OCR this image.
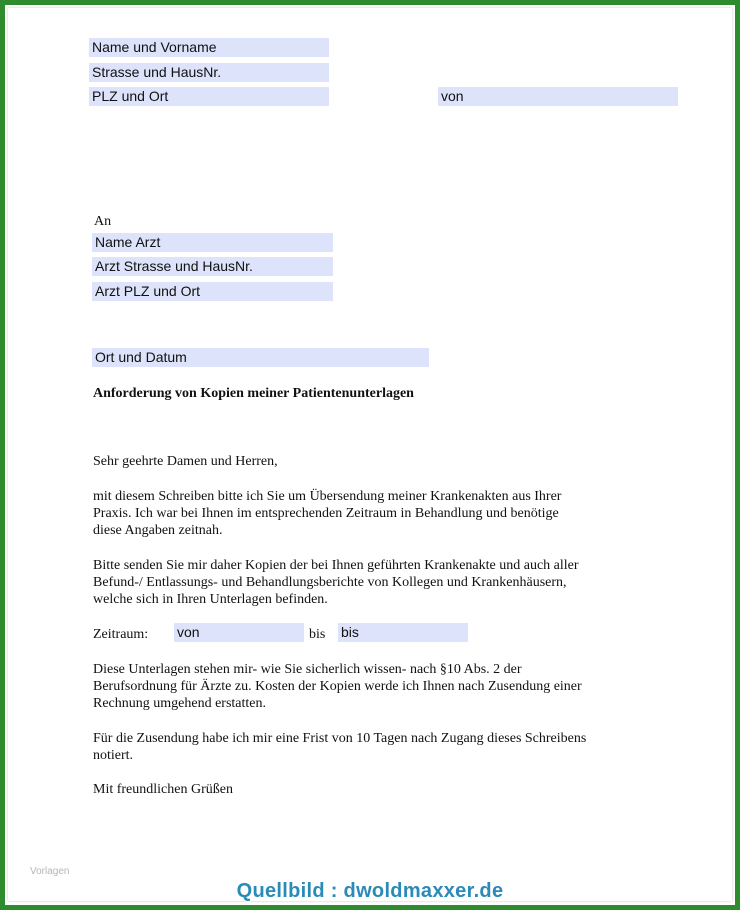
Name und Vorname
Strasse und HausNr.
PLZ und Ort	von
An
Name Arzt
Arzt Strasse und HausNr.
Arzt PLZ und Ort
Ort und Datum
Anforderung von Kopien meiner Patientenunterlagen
Sehr geehrte Damen und Herren,
mit diesem Schreiben bitte ich Sie um Übersendung meiner Krankenakten aus Ihrer
Praxis. Ich war bei Ihnen im entsprechenden Zeitraum in Behandlung und benötige
diese Angaben zeitnah.
Bitte senden Sie mir daher Kopien der bei Ihnen geführten Krankenakte und auch aller
Befund-/ Entlassungs- und Behandlungsberichte von Kollegen und Krankenhäusern,
welche sich in Ihren Unterlagen befinden.
Zeitraum: von	bis bis
Diese Unterlagen stehen mir- wie Sie sicherlich wissen- nach §10 Abs. 2 der
Berufsordnung für Ärzte zu. Kosten der Kopien werde ich Ihnen nach Zusendung einer
Rechnung umgehend erstatten.
Für die Zusendung habe ich mir eine Frist von 10 Tagen nach Zugang dieses Schreibens
notiert.
Mit freundlichen Grüßen
Vorlagen
Quellbild : dwoldmaxxer.de
